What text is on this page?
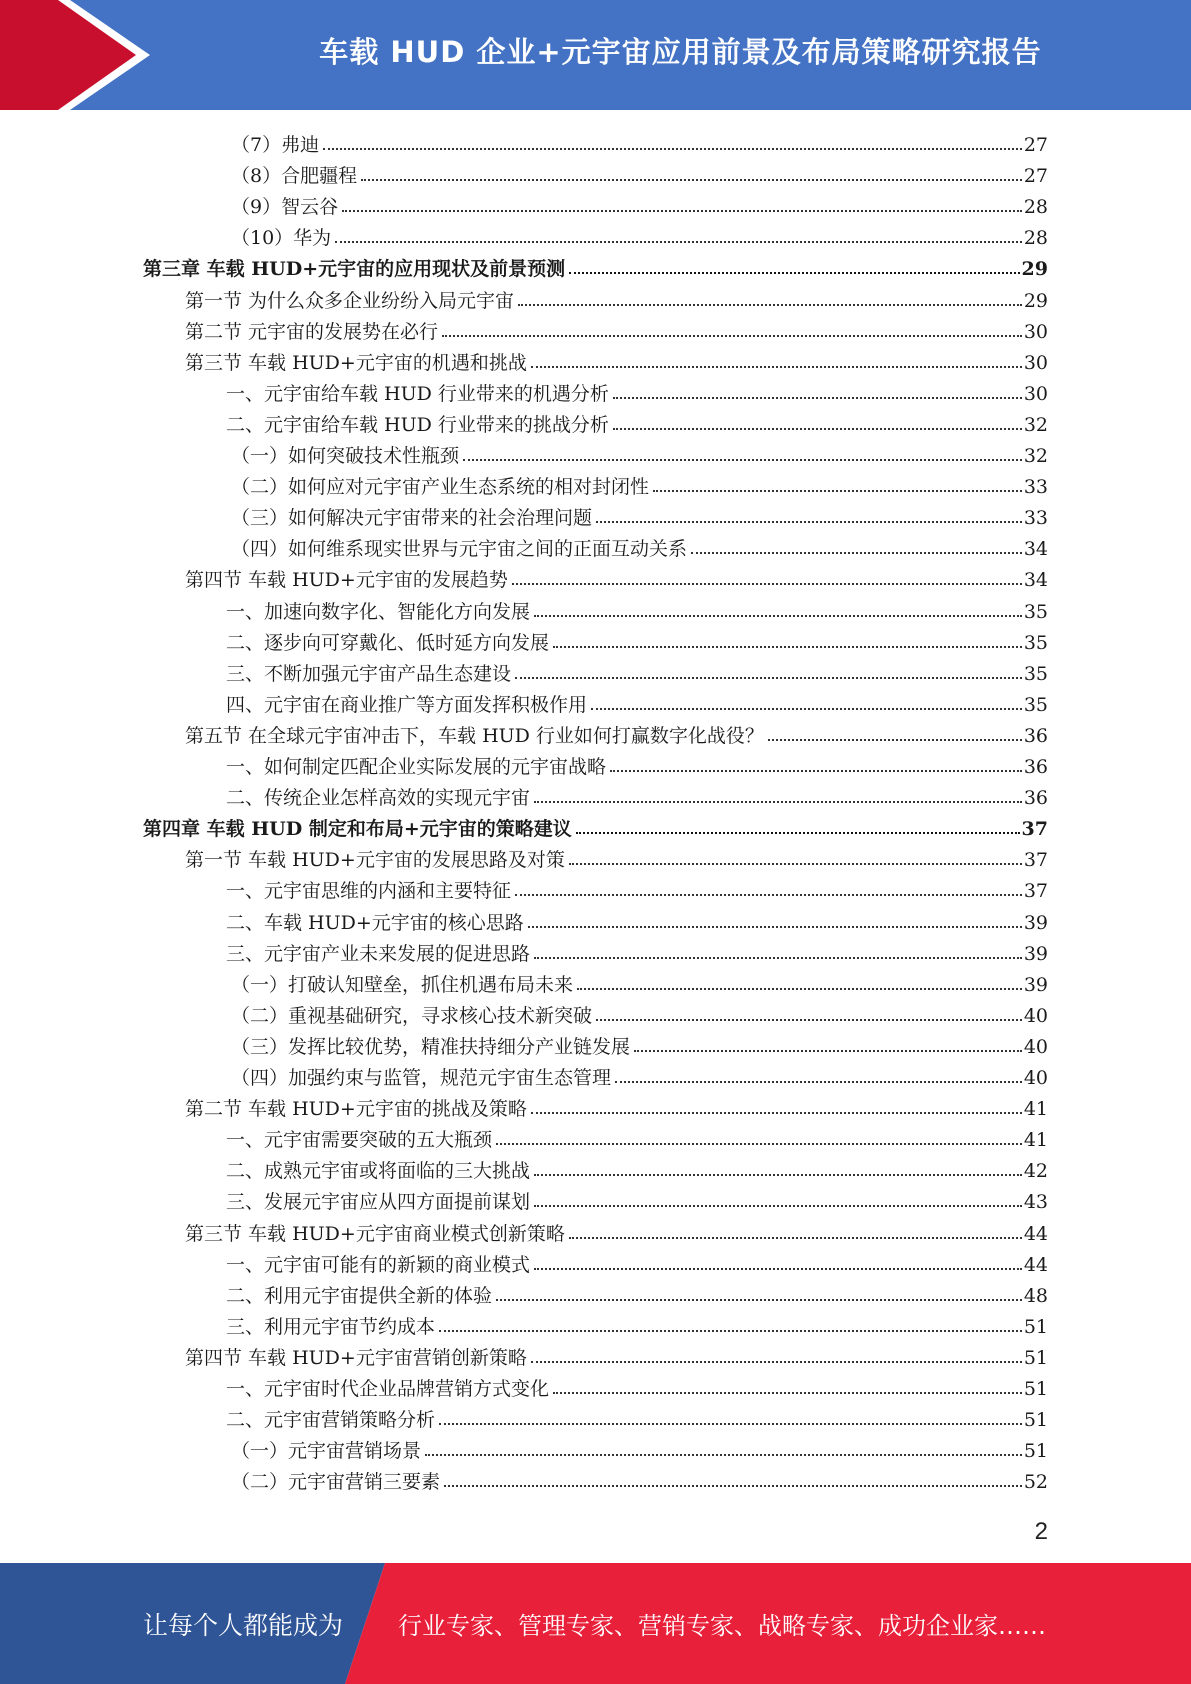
车载 HUD 企业+元宇宙应用前景及布局策略研究报告
（7）弗迪	27
（8）合肥疆程	27
（9）智云谷	28
（10）华为	28
第三章 车载 HUD+元宇宙的应用现状及前景预测	29
第一节 为什么众多企业纷纷入局元宇宙	29
第二节 元宇宙的发展势在必行	30
第三节 车载 HUD+元宇宙的机遇和挑战	30
一、元宇宙给车载 HUD 行业带来的机遇分析	30
二、元宇宙给车载 HUD 行业带来的挑战分析	32
（一）如何突破技术性瓶颈	32
（二）如何应对元宇宙产业生态系统的相对封闭性	33
（三）如何解决元宇宙带来的社会治理问题	33
（四）如何维系现实世界与元宇宙之间的正面互动关系	34
第四节 车载 HUD+元宇宙的发展趋势	34
一、加速向数字化、智能化方向发展	35
二、逐步向可穿戴化、低时延方向发展	35
三、不断加强元宇宙产品生态建设	35
四、元宇宙在商业推广等方面发挥积极作用	35
第五节 在全球元宇宙冲击下，车载 HUD 行业如何打赢数字化战役？	36
一、如何制定匹配企业实际发展的元宇宙战略	36
二、传统企业怎样高效的实现元宇宙	36
第四章 车载 HUD 制定和布局+元宇宙的策略建议	37
第一节 车载 HUD+元宇宙的发展思路及对策	37
一、元宇宙思维的内涵和主要特征	37
二、车载 HUD+元宇宙的核心思路	39
三、元宇宙产业未来发展的促进思路	39
（一）打破认知壁垒，抓住机遇布局未来	39
（二）重视基础研究，寻求核心技术新突破	40
（三）发挥比较优势，精准扶持细分产业链发展	40
（四）加强约束与监管，规范元宇宙生态管理	40
第二节 车载 HUD+元宇宙的挑战及策略	41
一、元宇宙需要突破的五大瓶颈	41
二、成熟元宇宙或将面临的三大挑战	42
三、发展元宇宙应从四方面提前谋划	43
第三节 车载 HUD+元宇宙商业模式创新策略	44
一、元宇宙可能有的新颖的商业模式	44
二、利用元宇宙提供全新的体验	48
三、利用元宇宙节约成本	51
第四节 车载 HUD+元宇宙营销创新策略	51
一、元宇宙时代企业品牌营销方式变化	51
二、元宇宙营销策略分析	51
（一）元宇宙营销场景	51
（二）元宇宙营销三要素	52
2
让每个人都能成为 行业专家、管理专家、营销专家、战略专家、成功企业家……
